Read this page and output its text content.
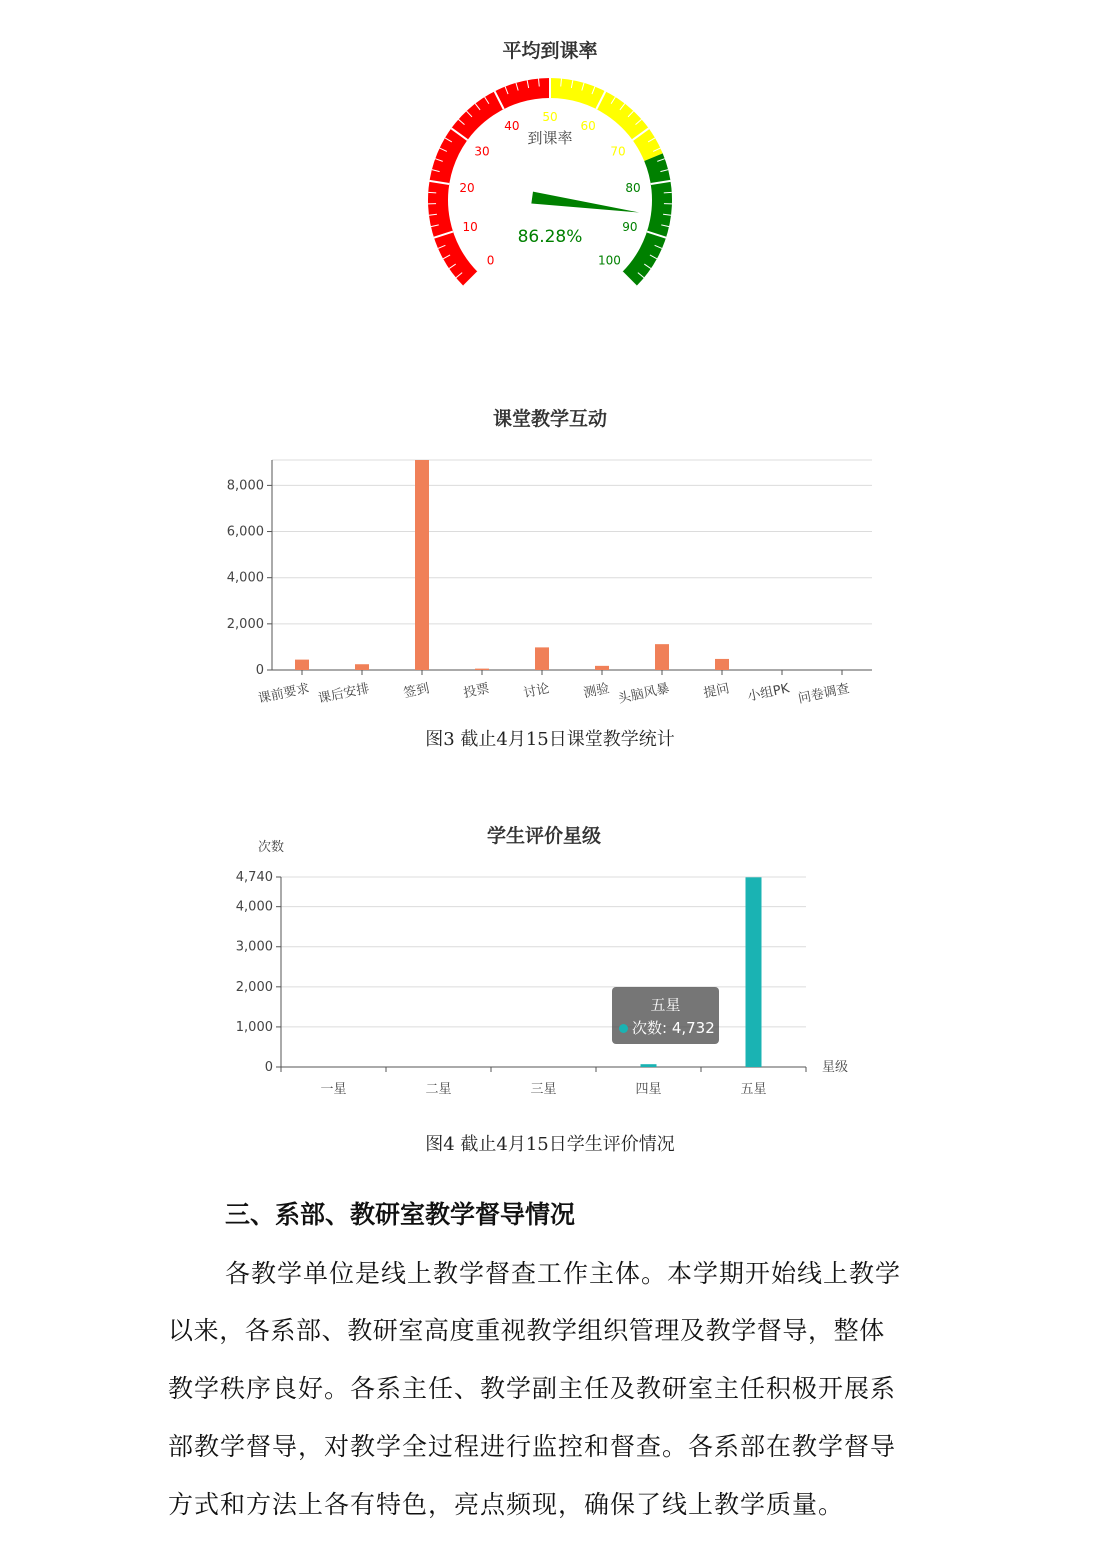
平均到课率
0
10
20
30
40
50
60
70
80
90
100
到课率
86.28%
课堂教学互动
0
2,000
4,000
6,000
8,000
课前要求 课后安排 签到 投票 讨论 测验 头脑风暴 提问 小组PK 问卷调查
图3 截止4月15日课堂教学统计
学生评价星级
0
1,000
2,000
3,000
4,000
4,740
一星	二星	三星	四星	五星
次数
星级
五星
次数: 4,732
图4 截止4月15日学生评价情况
三、系部、教研室教学督导情况
各教学单位是线上教学督查工作主体。本学期开始线上教学
以来，各系部、教研室高度重视教学组织管理及教学督导，整体
教学秩序良好。各系主任、教学副主任及教研室主任积极开展系
部教学督导，对教学全过程进行监控和督查。各系部在教学督导
方式和方法上各有特色，亮点频现，确保了线上教学质量。
